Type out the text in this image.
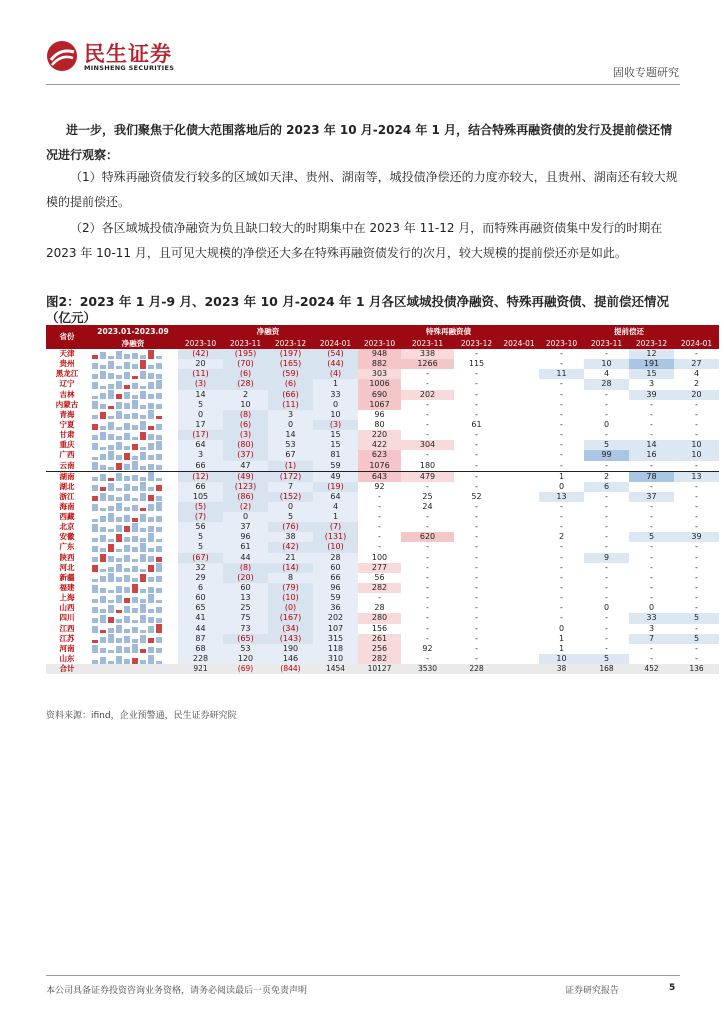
民生证券
MINSHENG SECURITIES	固收专题研究
进一步，我们聚焦于化债大范围落地后的 2023 年 10 月-2024 年 1 月，结合特殊再融资债的发行及提前偿还情况进行观察：
（1）特殊再融资债发行较多的区域如天津、贵州、湖南等，城投债净偿还的力度亦较大，且贵州、湖南还有较大规模的提前偿还。
（2）各区域城投债净融资为负且缺口较大的时期集中在 2023 年 11-12 月，而特殊再融资债集中发行的时期在 2023 年 10-11 月，且可见大规模的净偿还大多在特殊再融资债发行的次月，较大规模的提前偿还亦是如此。
图2：2023 年 1 月-9 月、2023 年 10 月-2024 年 1 月各区域城投债净融资、特殊再融资债、提前偿还情况（亿元）
省份	2023.01-2023.09	净融资				特殊再融资债				提前偿还			
	净融资	2023-10	2023-11	2023-12	2024-01	2023-10	2023-11	2023-12	2024-01	2023-10	2023-11	2023-12	2024-01
天津		(42)	(195)	(197)	(54)	948	338	-		-	-	12	-
贵州		20	(70)	(165)	(44)	882	1266	115		-	10	191	27
黑龙江		(11)	(6)	(59)	(4)	303	-	-		11	4	15	4
辽宁		(3)	(28)	(6)	1	1006	-	-		-	28	3	2
吉林		14	2	(66)	33	690	202	-		-	-	39	20
内蒙古		5	10	(11)	0	1067	-	-		-	-	-	-
青海		0	(8)	3	10	96	-	-		-	-	-	-
宁夏		17	(6)	0	(3)	80	-	61		-	0	-	-
甘肃		(17)	(3)	14	15	220	-	-		-	-	-	-
重庆		64	(80)	53	15	422	304	-		-	5	14	10
广西		3	(37)	67	81	623	-	-		-	99	16	10
云南		66	47	(1)	59	1076	180	-		-	-	-	-
湖南		(12)	(49)	(172)	49	643	479	-		1	2	78	13
湖北		66	(123)	7	(19)	92	-	-		0	6	-	-
浙江		105	(86)	(152)	64	-	25	52		13	-	37	-
海南		(5)	(2)	0	4	-	24	-		-	-	-	-
西藏		(7)	0	5	1	-	-	-		-	-	-	-
北京		56	37	(76)	(7)	-	-	-		-	-	-	-
安徽		5	96	38	(131)	-	620	-		2	-	5	39
广东		5	61	(42)	(10)	-	-	-		-	-	-	-
陕西		(67)	44	21	28	100	-	-		-	9	-	-
河北		32	(8)	(14)	60	277	-	-		-	-	-	-
新疆		29	(20)	8	66	56	-	-		-	-	-	-
福建		6	60	(79)	96	282	-	-		-	-	-	-
上海		60	13	(10)	59	-	-	-		-	-	-	-
山西		65	25	(0)	36	28	-	-		-	0	0	-
四川		41	75	(167)	202	280	-	-		-	-	33	5
江西		44	73	(34)	107	156	-	-		0	-	3	-
江苏		87	(65)	(143)	315	261	-	-		1	-	7	5
河南		68	53	190	118	256	92	-		1	-	-	-
山东		228	120	146	310	282	-	-		10	5	-	-
合计		921	(69)	(844)	1454	10127	3530	228		38	168	452	136
资料来源：ifind，企业预警通，民生证券研究院
本公司具备证券投资咨询业务资格，请务必阅读最后一页免责声明	证券研究报告	5
